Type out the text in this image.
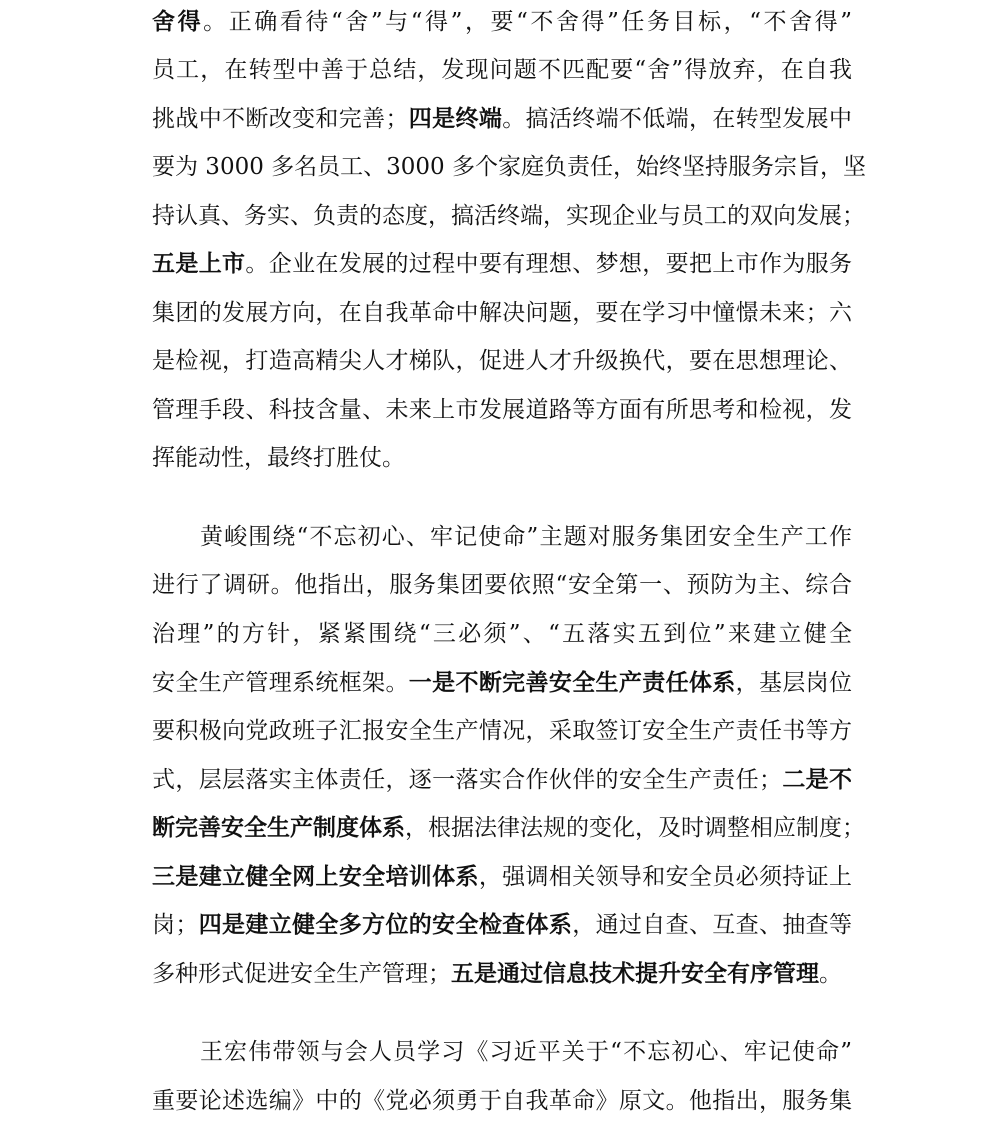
舍得。正确看待“舍”与“得”，要“不舍得”任务目标，“不舍得”
员工，在转型中善于总结，发现问题不匹配要“舍”得放弃，在自我
挑战中不断改变和完善；四是终端。搞活终端不低端，在转型发展中
要为 3000 多名员工、3000 多个家庭负责任，始终坚持服务宗旨，坚
持认真、务实、负责的态度，搞活终端，实现企业与员工的双向发展；
五是上市。企业在发展的过程中要有理想、梦想，要把上市作为服务
集团的发展方向，在自我革命中解决问题，要在学习中憧憬未来；六
是检视，打造高精尖人才梯队，促进人才升级换代，要在思想理论、
管理手段、科技含量、未来上市发展道路等方面有所思考和检视，发
挥能动性，最终打胜仗。
黄峻围绕“不忘初心、牢记使命”主题对服务集团安全生产工作
进行了调研。他指出，服务集团要依照“安全第一、预防为主、综合
治理”的方针，紧紧围绕“三必须”、“五落实五到位”来建立健全
安全生产管理系统框架。一是不断完善安全生产责任体系，基层岗位
要积极向党政班子汇报安全生产情况，采取签订安全生产责任书等方
式，层层落实主体责任，逐一落实合作伙伴的安全生产责任；二是不
断完善安全生产制度体系，根据法律法规的变化，及时调整相应制度；
三是建立健全网上安全培训体系，强调相关领导和安全员必须持证上
岗；四是建立健全多方位的安全检查体系，通过自查、互查、抽查等
多种形式促进安全生产管理；五是通过信息技术提升安全有序管理。
王宏伟带领与会人员学习《习近平关于“不忘初心、牢记使命”
重要论述选编》中的《党必须勇于自我革命》原文。他指出，服务集
